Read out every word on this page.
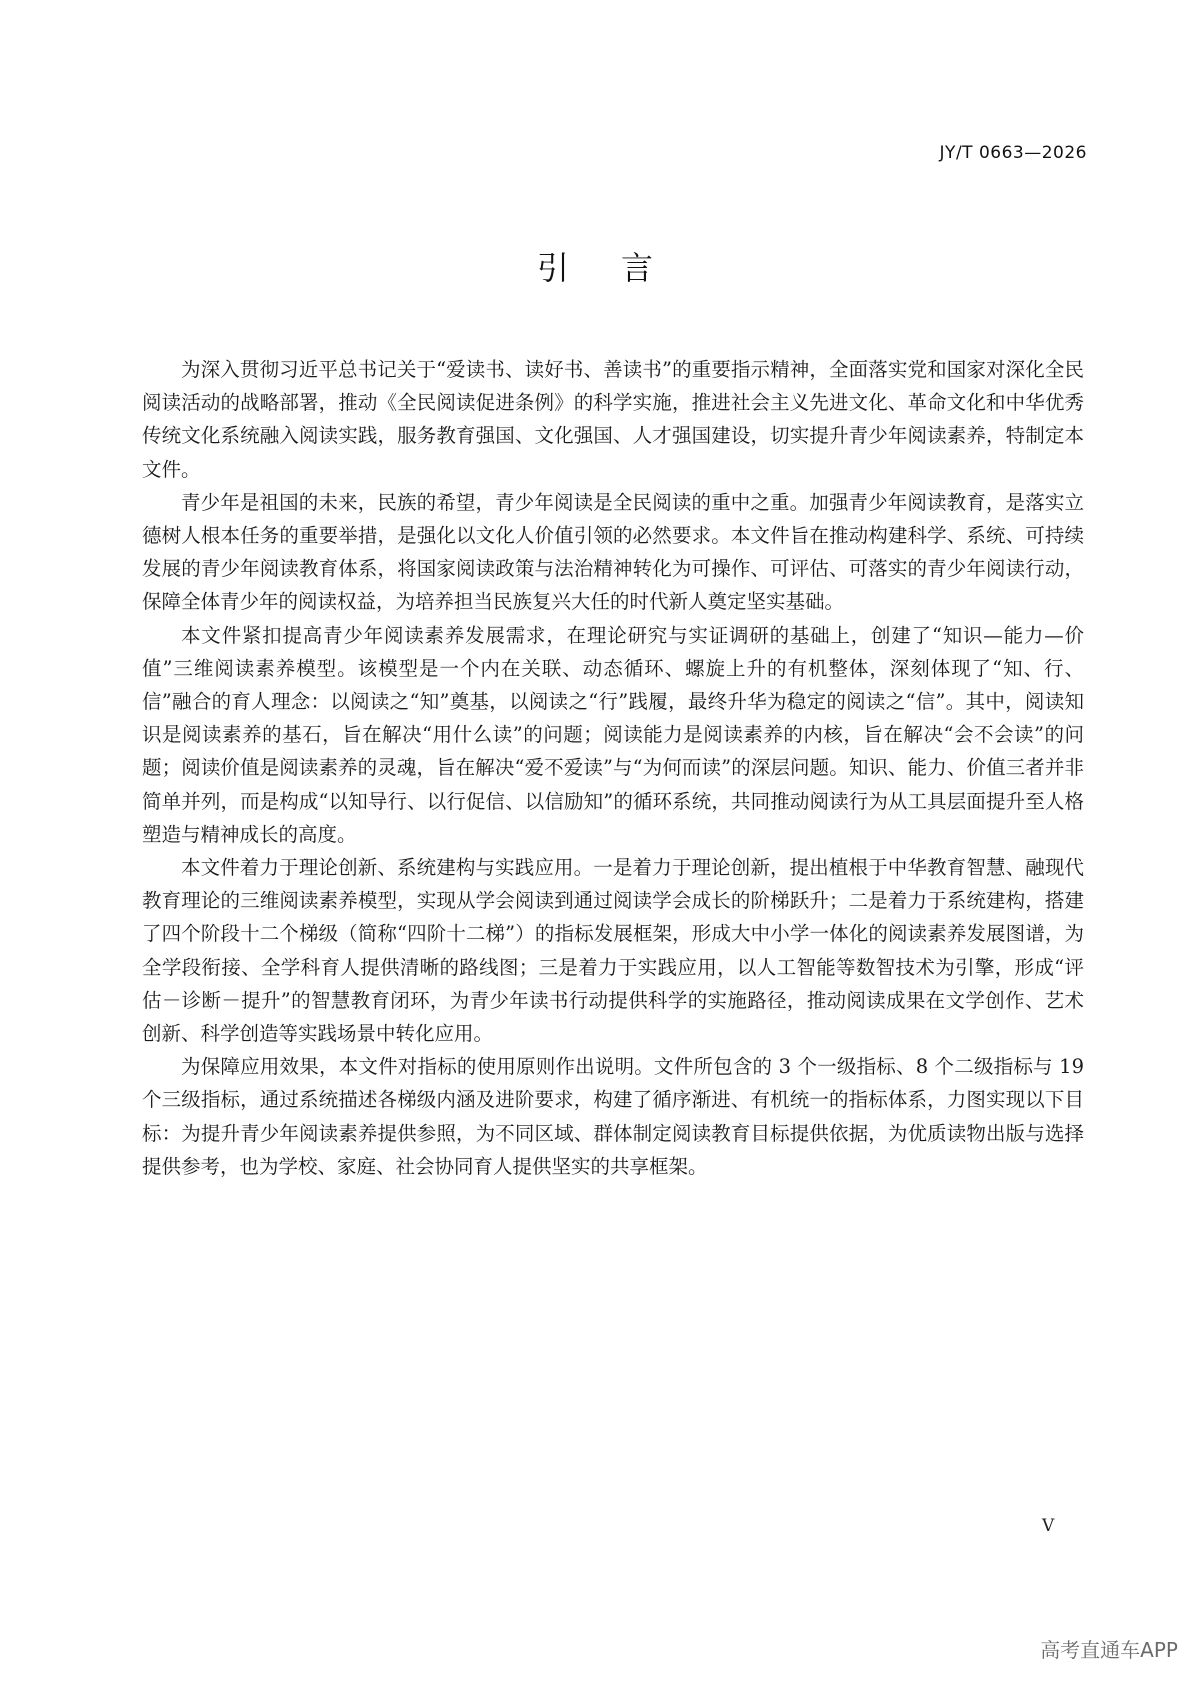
JY/T 0663—2026
引言

为深入贯彻习近平总书记关于“爱读书、读好书、善读书”的重要指示精神，全面落实党和国家对深化全民阅读活动的战略部署，推动《全民阅读促进条例》的科学实施，推进社会主义先进文化、革命文化和中华优秀传统文化系统融入阅读实践，服务教育强国、文化强国、人才强国建设，切实提升青少年阅读素养，特制定本文件。

青少年是祖国的未来，民族的希望，青少年阅读是全民阅读的重中之重。加强青少年阅读教育，是落实立德树人根本任务的重要举措，是强化以文化人价值引领的必然要求。本文件旨在推动构建科学、系统、可持续发展的青少年阅读教育体系，将国家阅读政策与法治精神转化为可操作、可评估、可落实的青少年阅读行动，保障全体青少年的阅读权益，为培养担当民族复兴大任的时代新人奠定坚实基础。

本文件紧扣提高青少年阅读素养发展需求，在理论研究与实证调研的基础上，创建了“知识—能力—价值”三维阅读素养模型。该模型是一个内在关联、动态循环、螺旋上升的有机整体，深刻体现了“知、行、信”融合的育人理念：以阅读之“知”奠基，以阅读之“行”践履，最终升华为稳定的阅读之“信”。其中，阅读知识是阅读素养的基石，旨在解决“用什么读”的问题；阅读能力是阅读素养的内核，旨在解决“会不会读”的问题；阅读价值是阅读素养的灵魂，旨在解决“爱不爱读”与“为何而读”的深层问题。知识、能力、价值三者并非简单并列，而是构成“以知导行、以行促信、以信励知”的循环系统，共同推动阅读行为从工具层面提升至人格塑造与精神成长的高度。

本文件着力于理论创新、系统建构与实践应用。一是着力于理论创新，提出植根于中华教育智慧、融现代教育理论的三维阅读素养模型，实现从学会阅读到通过阅读学会成长的阶梯跃升；二是着力于系统建构，搭建了四个阶段十二个梯级（简称“四阶十二梯”）的指标发展框架，形成大中小学一体化的阅读素养发展图谱，为全学段衔接、全学科育人提供清晰的路线图；三是着力于实践应用，以人工智能等数智技术为引擎，形成“评估－诊断－提升”的智慧教育闭环，为青少年读书行动提供科学的实施路径，推动阅读成果在文学创作、艺术创新、科学创造等实践场景中转化应用。

为保障应用效果，本文件对指标的使用原则作出说明。文件所包含的 3 个一级指标、8 个二级指标与 19 个三级指标，通过系统描述各梯级内涵及进阶要求，构建了循序渐进、有机统一的指标体系，力图实现以下目标：为提升青少年阅读素养提供参照，为不同区域、群体制定阅读教育目标提供依据，为优质读物出版与选择提供参考，也为学校、家庭、社会协同育人提供坚实的共享框架。

V
高考直通车APP
